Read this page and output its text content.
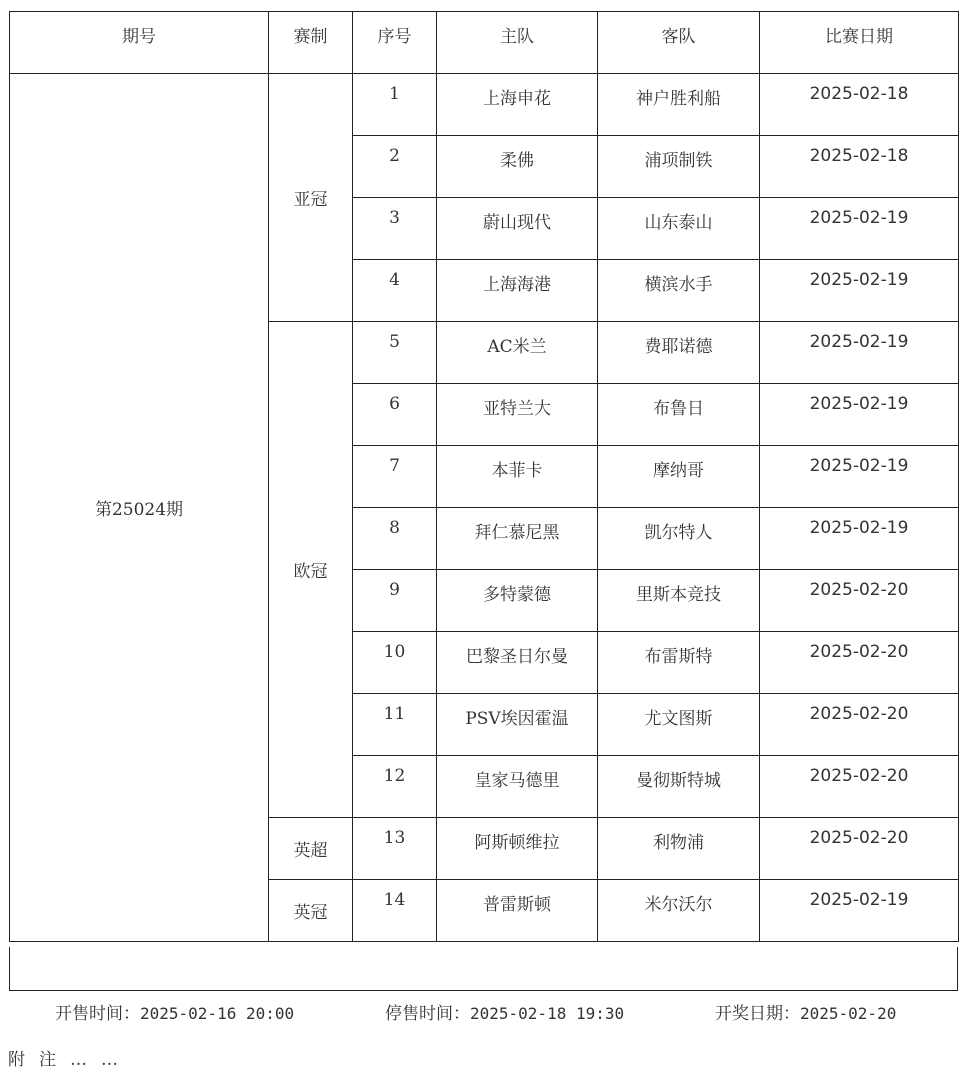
期号	赛制	序号	主队	客队	比赛日期
第25024期	亚冠	1	上海申花	神户胜利船	2025-02-18
		2	柔佛	浦项制铁	2025-02-18
		3	蔚山现代	山东泰山	2025-02-19
		4	上海海港	横滨水手	2025-02-19
	欧冠	5	AC米兰	费耶诺德	2025-02-19
		6	亚特兰大	布鲁日	2025-02-19
		7	本菲卡	摩纳哥	2025-02-19
		8	拜仁慕尼黑	凯尔特人	2025-02-19
		9	多特蒙德	里斯本竞技	2025-02-20
		10	巴黎圣日尔曼	布雷斯特	2025-02-20
		11	PSV埃因霍温	尤文图斯	2025-02-20
		12	皇家马德里	曼彻斯特城	2025-02-20
	英超	13	阿斯顿维拉	利物浦	2025-02-20
	英冠	14	普雷斯顿	米尔沃尔	2025-02-19
开售时间：2025-02-16 20:00	停售时间：2025-02-18 19:30	开奖日期：2025-02-20
附注……
